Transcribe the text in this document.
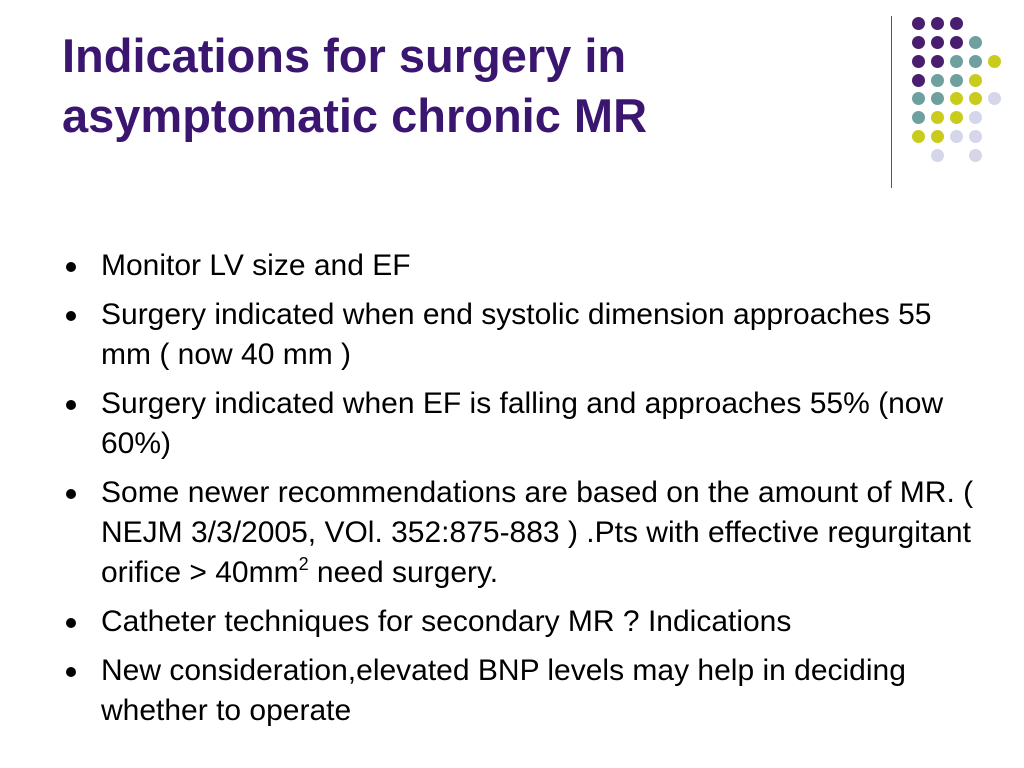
Indications for surgery in
asymptomatic chronic MR
Monitor LV size and EF
Surgery indicated when end systolic dimension approaches 55 mm ( now 40 mm )
Surgery indicated when EF is falling and approaches 55% (now 60%)
Some newer recommendations are based on the amount of MR. ( NEJM 3/3/2005, VOl. 352:875-883 ) .Pts with effective regurgitant orifice > $40mm^2$ need surgery.
Catheter techniques for secondary MR ? Indications
New consideration,elevated BNP levels may help in deciding whether to operate
